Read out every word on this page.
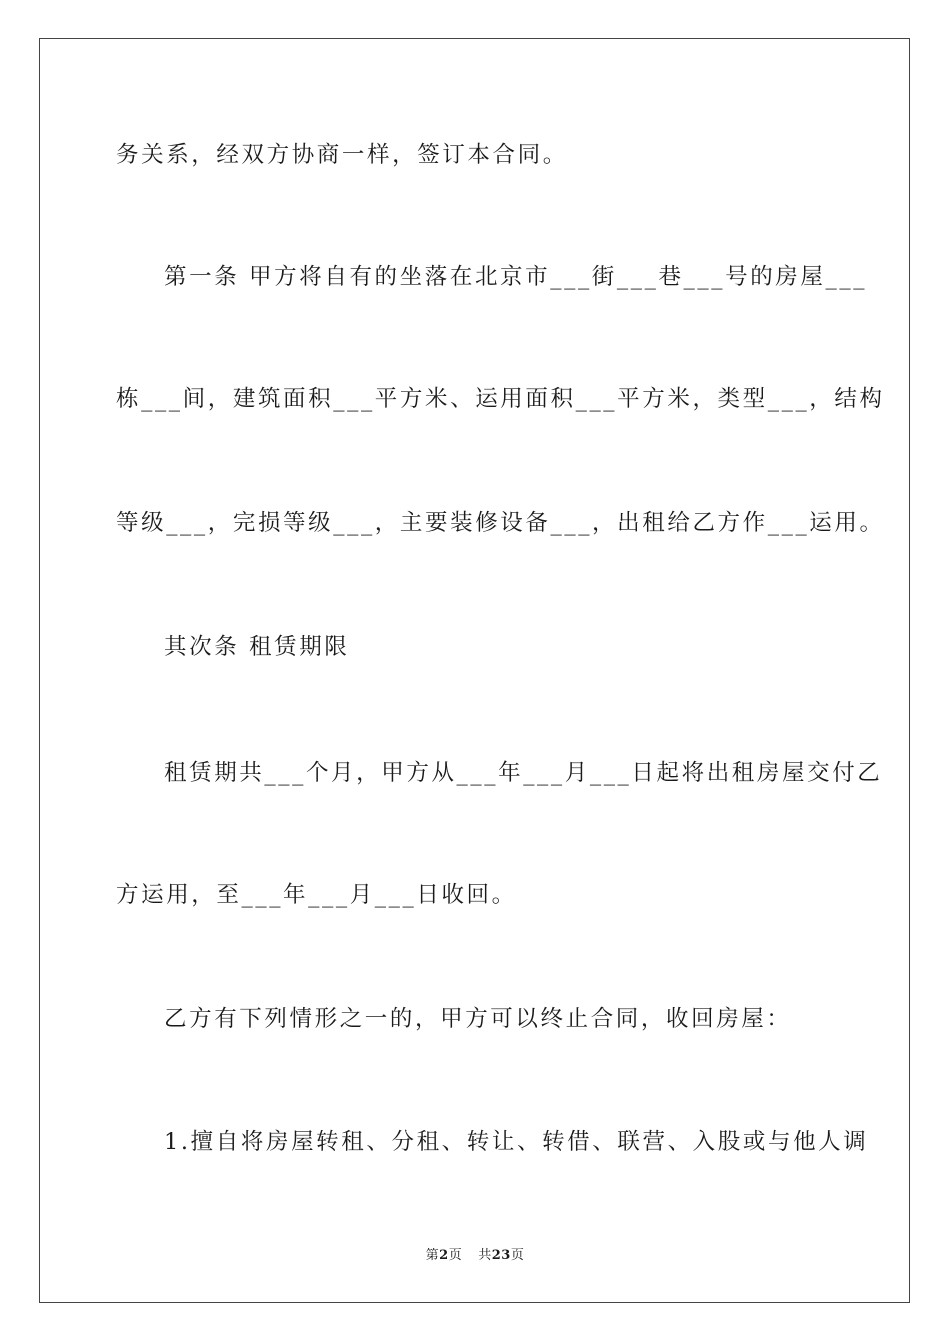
务关系，经双方协商一样，签订本合同。
第一条 甲方将自有的坐落在北京市___街___巷___号的房屋___
栋___间，建筑面积___平方米、运用面积___平方米，类型___，结构
等级___，完损等级___，主要装修设备___，出租给乙方作___运用。
其次条 租赁期限
租赁期共___个月，甲方从___年___月___日起将出租房屋交付乙
方运用，至___年___月___日收回。
乙方有下列情形之一的，甲方可以终止合同，收回房屋：
1.擅自将房屋转租、分租、转让、转借、联营、入股或与他人调
第2页 共23页
